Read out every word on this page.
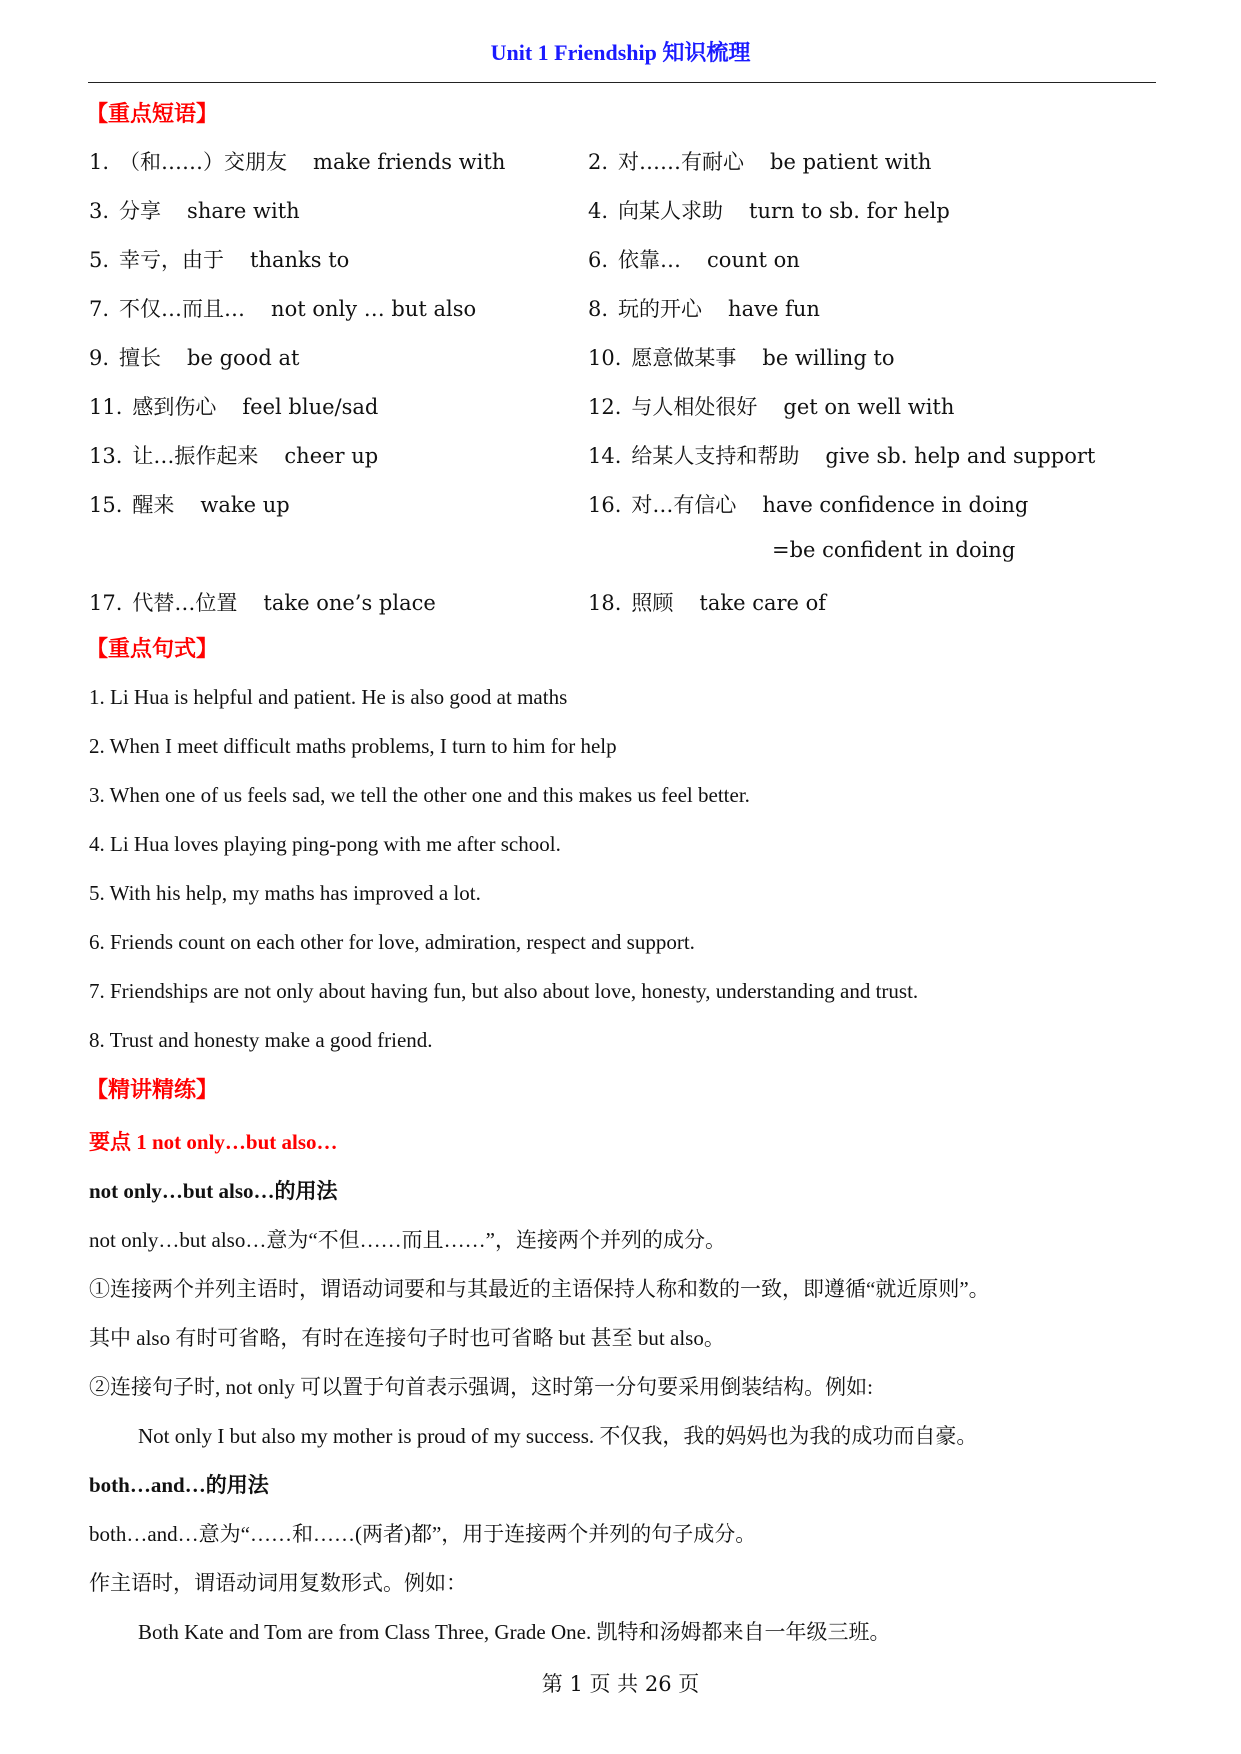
Unit 1 Friendship 知识梳理
【重点短语】
1. （和……）交朋友 make friends with	2. 对……有耐心 be patient with
3. 分享 share with	4. 向某人求助 turn to sb. for help
5. 幸亏，由于 thanks to	6. 依靠… count on
7. 不仅…而且… not only … but also	8. 玩的开心 have fun
9. 擅长 be good at	10. 愿意做某事 be willing to
11. 感到伤心 feel blue/sad	12. 与人相处很好 get on well with
13. 让…振作起来 cheer up	14. 给某人支持和帮助 give sb. help and support
15. 醒来 wake up	16. 对…有信心 have confidence in doing
=be confident in doing
17. 代替…位置 take one’s place	18. 照顾 take care of
【重点句式】
1. Li Hua is helpful and patient. He is also good at maths
2. When I meet difficult maths problems, I turn to him for help
3. When one of us feels sad, we tell the other one and this makes us feel better.
4. Li Hua loves playing ping-pong with me after school.
5. With his help, my maths has improved a lot.
6. Friends count on each other for love, admiration, respect and support.
7. Friendships are not only about having fun, but also about love, honesty, understanding and trust.
8. Trust and honesty make a good friend.
【精讲精练】
要点 1 not only…but also…
not only…but also…的用法
not only…but also…意为“不但……而且……”，连接两个并列的成分。
①连接两个并列主语时，谓语动词要和与其最近的主语保持人称和数的一致，即遵循“就近原则”。
其中 also 有时可省略，有时在连接句子时也可省略 but 甚至 but also。
②连接句子时, not only 可以置于句首表示强调，这时第一分句要采用倒装结构。例如:
Not only I but also my mother is proud of my success. 不仅我，我的妈妈也为我的成功而自豪。
both…and…的用法
both…and…意为“……和……(两者)都”，用于连接两个并列的句子成分。
作主语时，谓语动词用复数形式。例如：
Both Kate and Tom are from Class Three, Grade One. 凯特和汤姆都来自一年级三班。
第 1 页 共 26 页
